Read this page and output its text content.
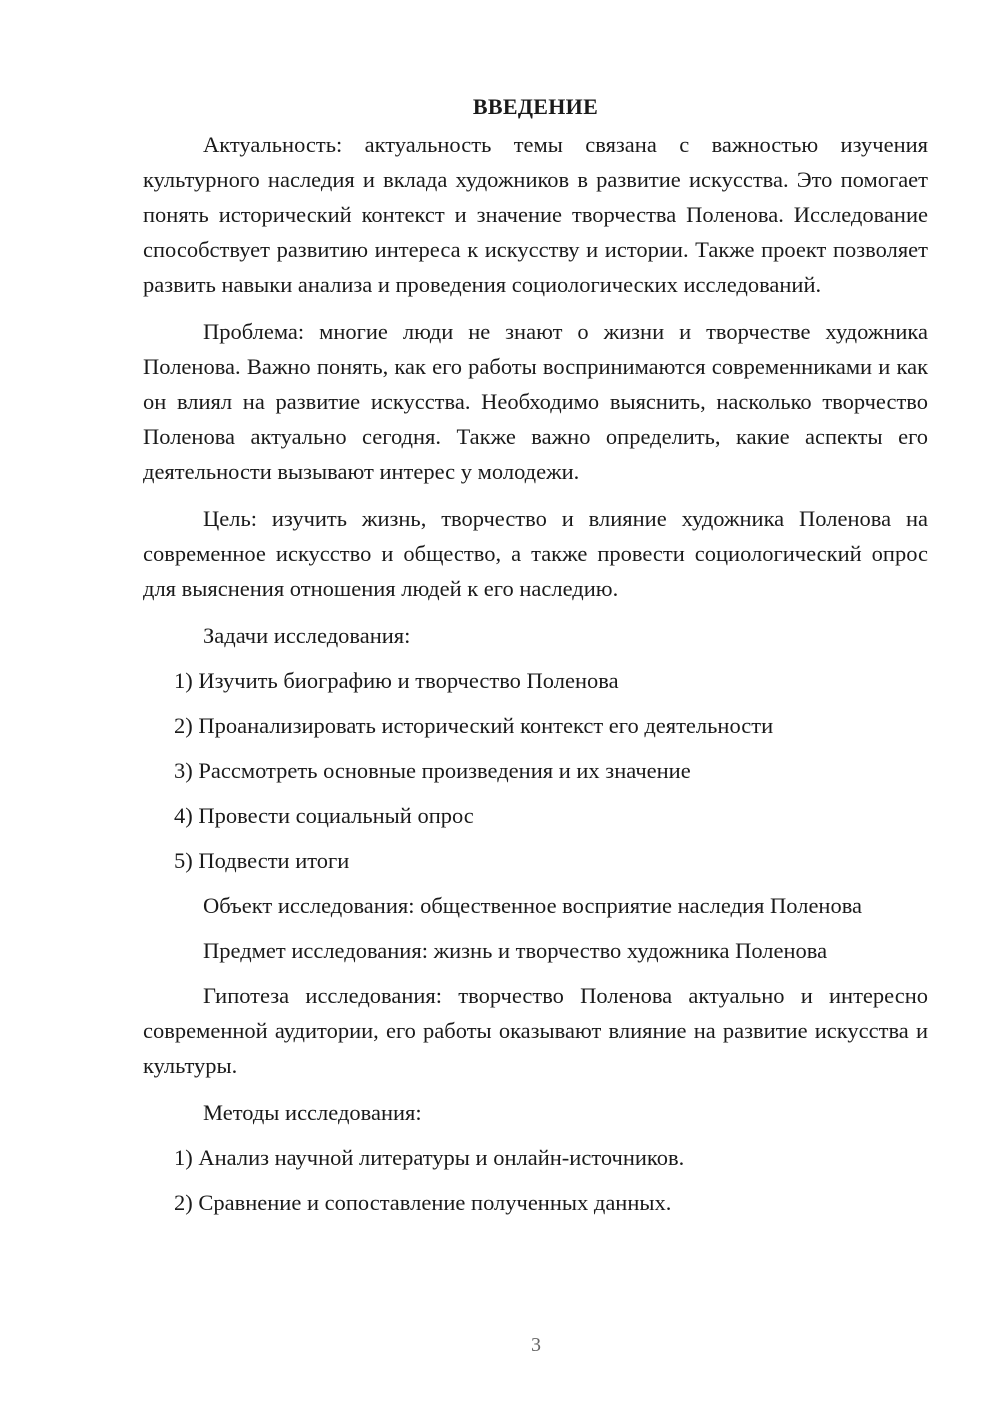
ВВЕДЕНИЕ

Актуальность: актуальность темы связана с важностью изучения культурного наследия и вклада художников в развитие искусства. Это помогает понять исторический контекст и значение творчества Поленова. Исследование способствует развитию интереса к искусству и истории. Также проект позволяет развить навыки анализа и проведения социологических исследований.

Проблема: многие люди не знают о жизни и творчестве художника Поленова. Важно понять, как его работы воспринимаются современниками и как он влиял на развитие искусства. Необходимо выяснить, насколько творчество Поленова актуально сегодня. Также важно определить, какие аспекты его деятельности вызывают интерес у молодежи.

Цель: изучить жизнь, творчество и влияние художника Поленова на современное искусство и общество, а также провести социологический опрос для выяснения отношения людей к его наследию.

Задачи исследования:
1) Изучить биографию и творчество Поленова
2) Проанализировать исторический контекст его деятельности
3) Рассмотреть основные произведения и их значение
4) Провести социальный опрос
5) Подвести итоги
Объект исследования: общественное восприятие наследия Поленова
Предмет исследования: жизнь и творчество художника Поленова

Гипотеза исследования: творчество Поленова актуально и интересно современной аудитории, его работы оказывают влияние на развитие искусства и культуры.

Методы исследования:
1) Анализ научной литературы и онлайн-источников.
2) Сравнение и сопоставление полученных данных.
3
